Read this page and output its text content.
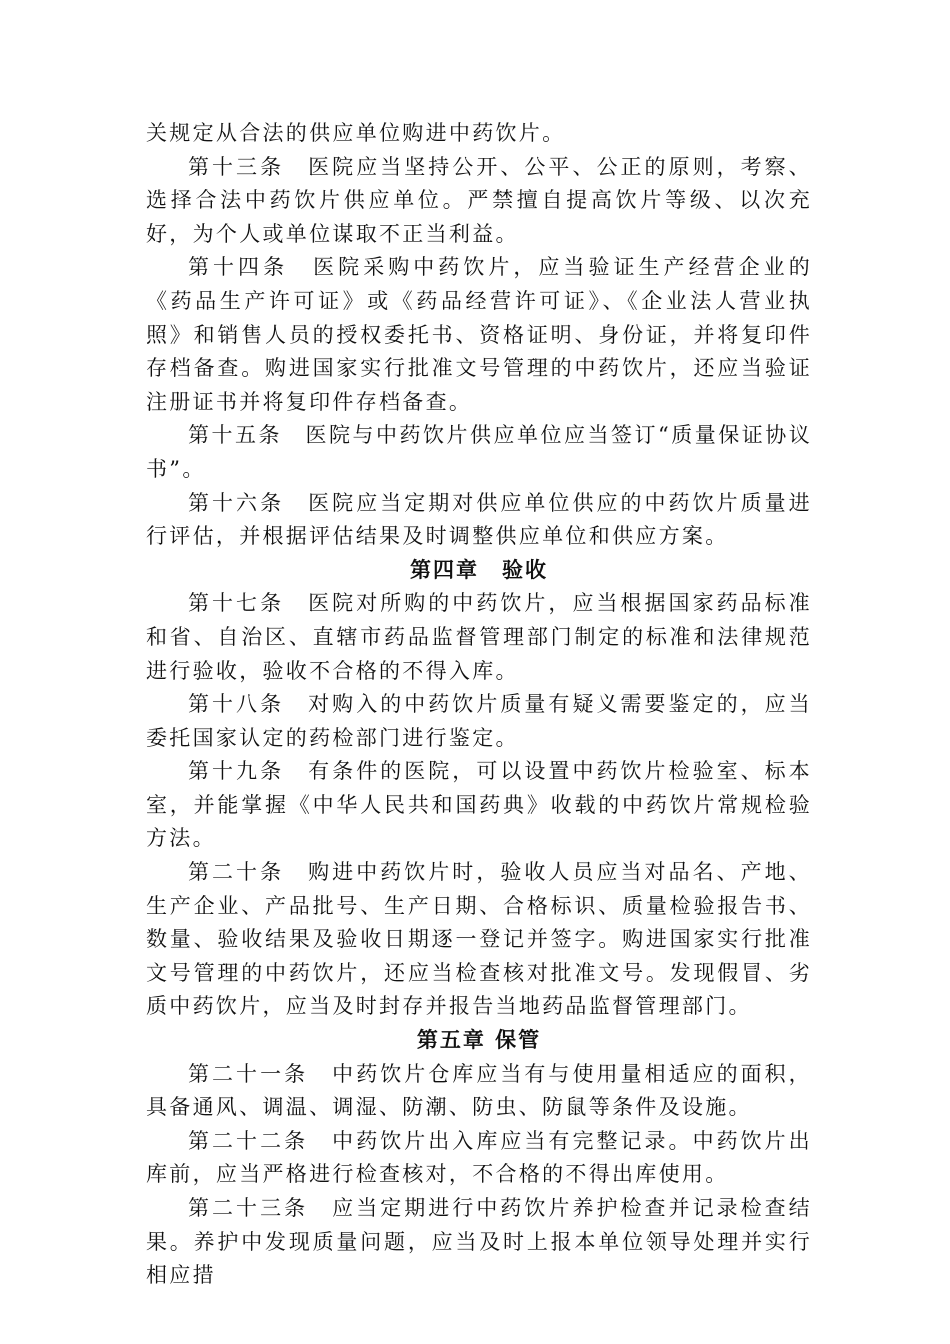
关规定从合法的供应单位购进中药饮片。

第十三条　医院应当坚持公开、公平、公正的原则，考察、选择合法中药饮片供应单位。严禁擅自提高饮片等级、以次充好，为个人或单位谋取不正当利益。

第十四条　医院采购中药饮片，应当验证生产经营企业的《药品生产许可证》或《药品经营许可证》、《企业法人营业执照》和销售人员的授权委托书、资格证明、身份证，并将复印件存档备查。购进国家实行批准文号管理的中药饮片，还应当验证注册证书并将复印件存档备查。

第十五条　医院与中药饮片供应单位应当签订“质量保证协议书”。

第十六条　医院应当定期对供应单位供应的中药饮片质量进行评估，并根据评估结果及时调整供应单位和供应方案。

第四章　验收

第十七条　医院对所购的中药饮片，应当根据国家药品标准和省、自治区、直辖市药品监督管理部门制定的标准和法律规范进行验收，验收不合格的不得入库。

第十八条　对购入的中药饮片质量有疑义需要鉴定的，应当委托国家认定的药检部门进行鉴定。

第十九条　有条件的医院，可以设置中药饮片检验室、标本室，并能掌握《中华人民共和国药典》收载的中药饮片常规检验方法。

第二十条　购进中药饮片时，验收人员应当对品名、产地、生产企业、产品批号、生产日期、合格标识、质量检验报告书、数量、验收结果及验收日期逐一登记并签字。购进国家实行批准文号管理的中药饮片，还应当检查核对批准文号。发现假冒、劣质中药饮片，应当及时封存并报告当地药品监督管理部门。

第五章 保管

第二十一条　中药饮片仓库应当有与使用量相适应的面积，具备通风、调温、调湿、防潮、防虫、防鼠等条件及设施。

第二十二条　中药饮片出入库应当有完整记录。中药饮片出库前，应当严格进行检查核对，不合格的不得出库使用。

第二十三条　应当定期进行中药饮片养护检查并记录检查结果。养护中发现质量问题，应当及时上报本单位领导处理并实行相应措
